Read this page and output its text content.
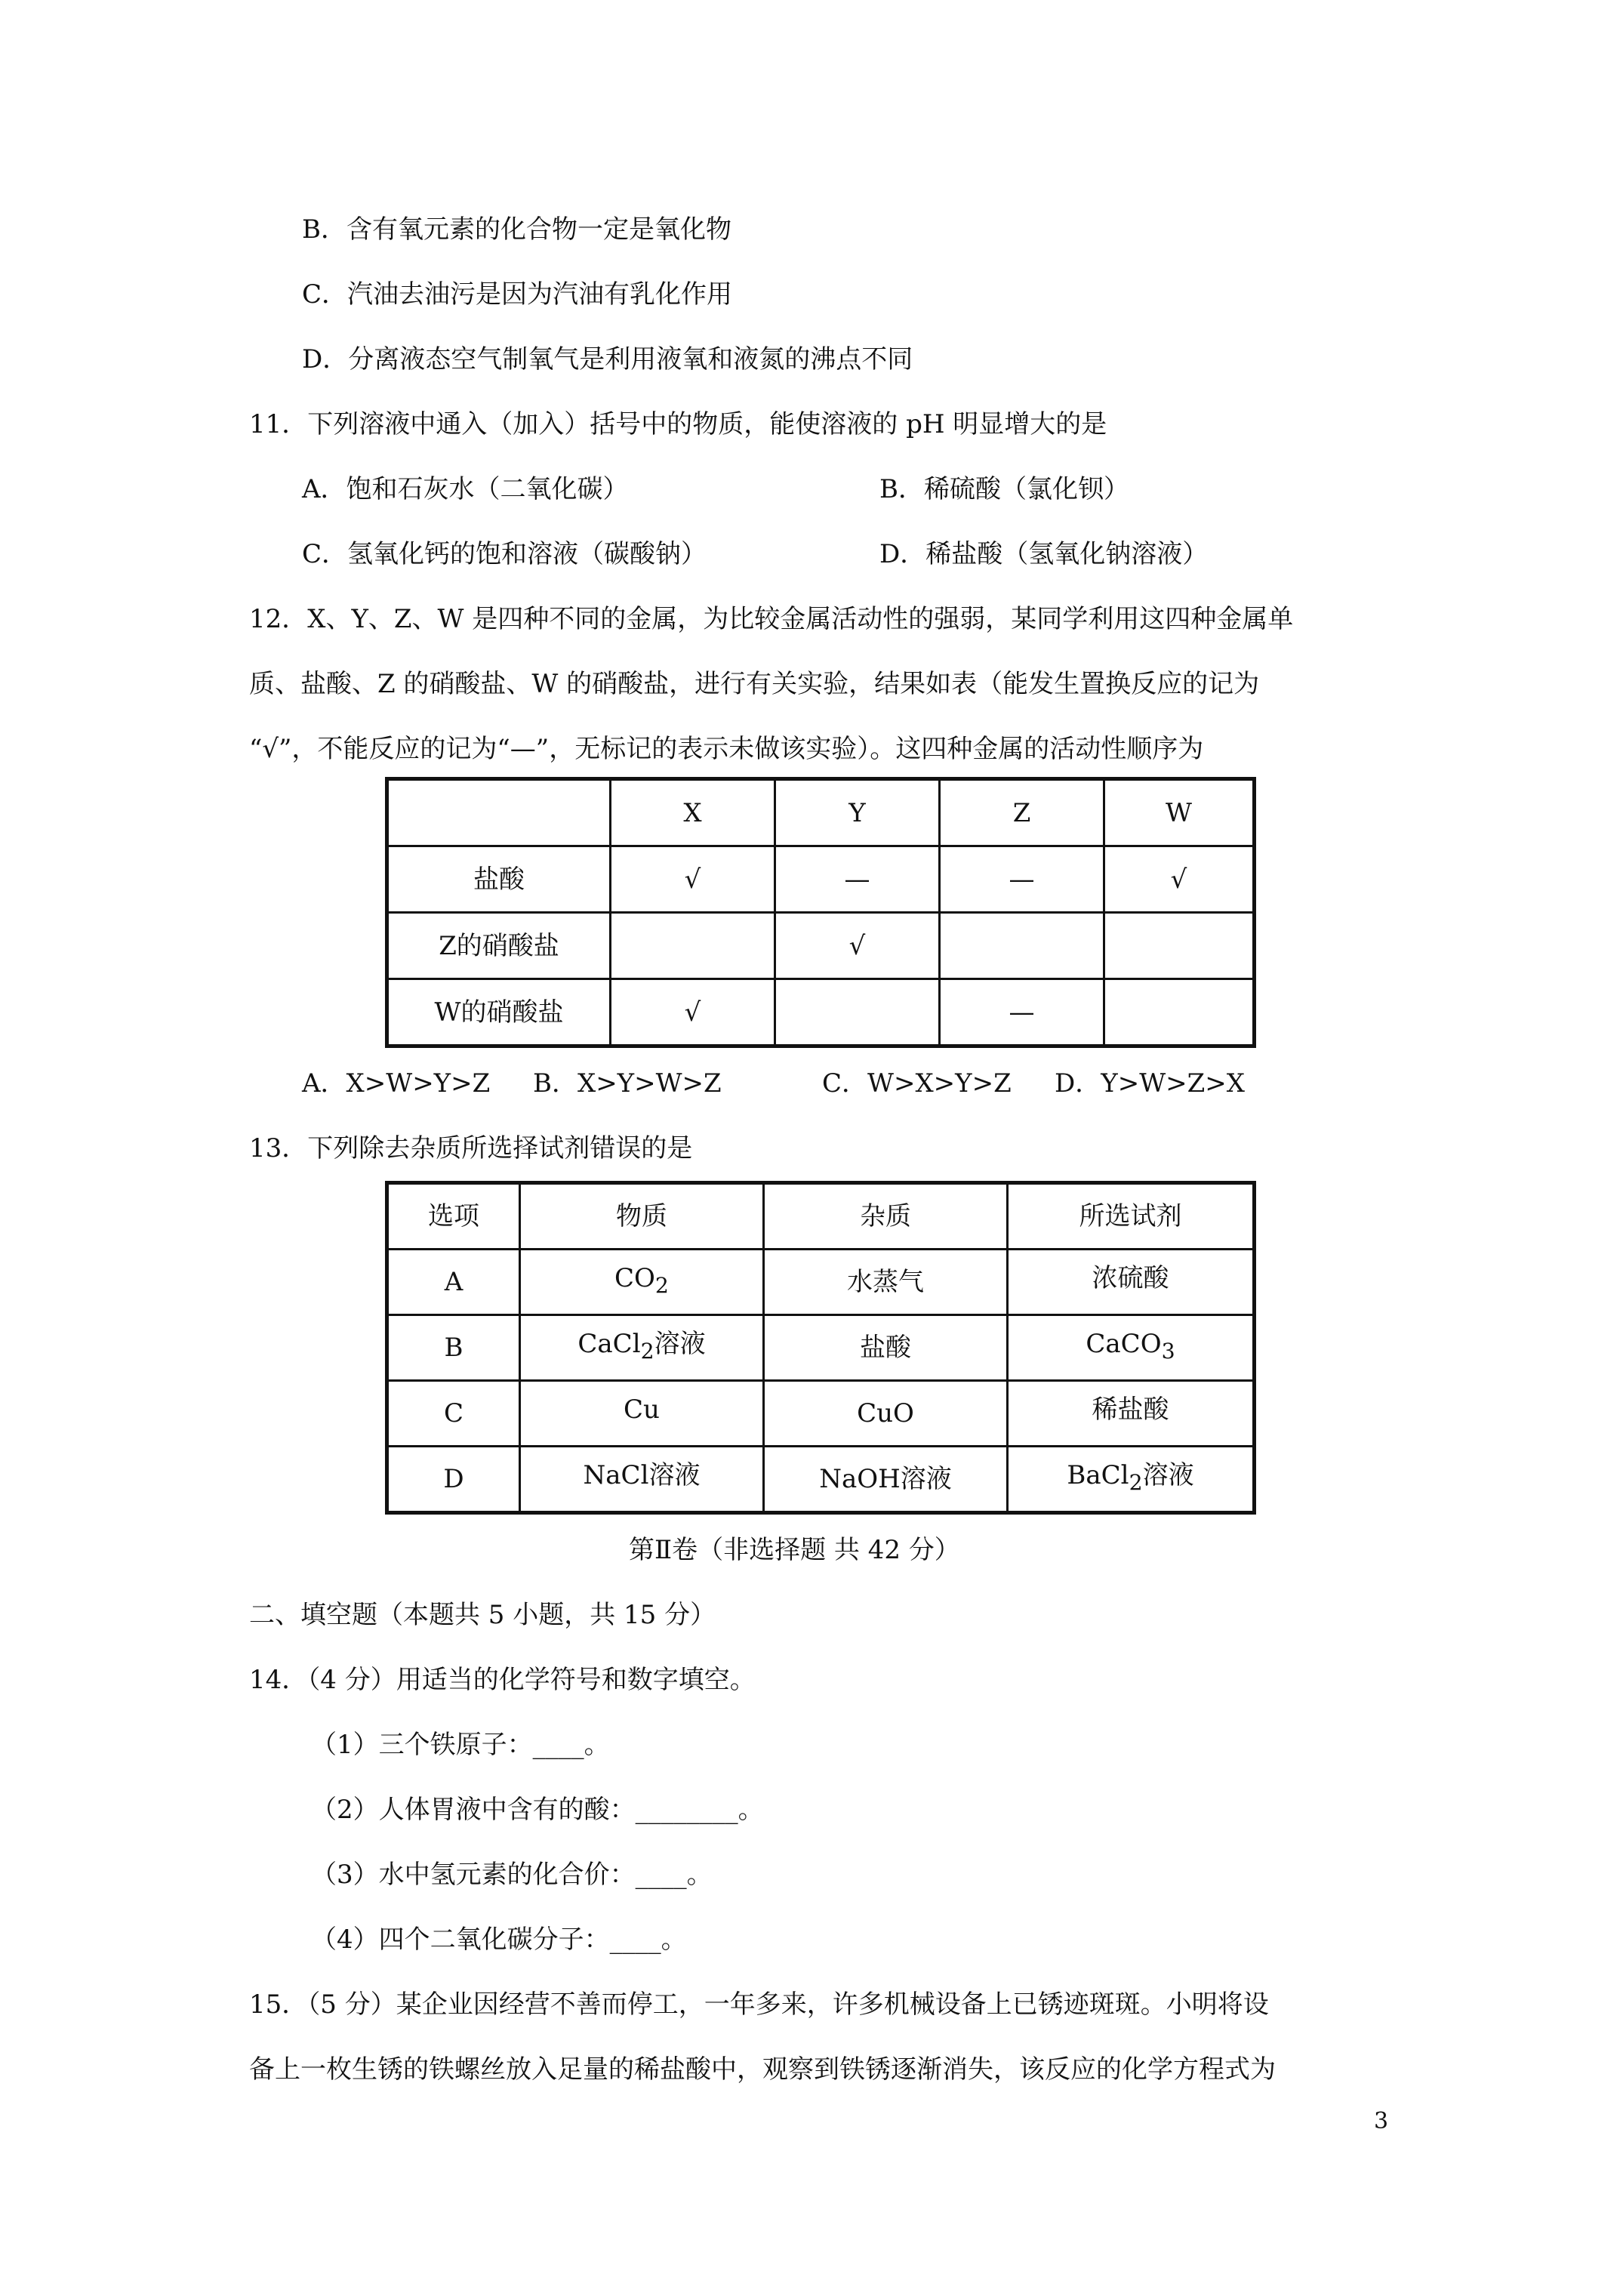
B．含有氧元素的化合物一定是氧化物
C．汽油去油污是因为汽油有乳化作用
D．分离液态空气制氧气是利用液氧和液氮的沸点不同
11．下列溶液中通入（加入）括号中的物质，能使溶液的 pH 明显增大的是
A．饱和石灰水（二氧化碳）	B．稀硫酸（氯化钡）
C．氢氧化钙的饱和溶液（碳酸钠）	D．稀盐酸（氢氧化钠溶液）
12．X、Y、Z、W 是四种不同的金属，为比较金属活动性的强弱，某同学利用这四种金属单
质、盐酸、Z 的硝酸盐、W 的硝酸盐，进行有关实验，结果如表（能发生置换反应的记为
“√”，不能反应的记为“—”，无标记的表示未做该实验）。这四种金属的活动性顺序为
	X	Y	Z	W
盐酸	√	—	—	√
Z的硝酸盐		√		
W的硝酸盐	√		—	
A．X>W>Y>Z B．X>Y>W>Z	C．W>X>Y>Z D．Y>W>Z>X
13．下列除去杂质所选择试剂错误的是
选项	物质	杂质	所选试剂
A	$CO_2$	水蒸气	浓硫酸
B	CaCl$_2$溶液	盐酸	CaCO$_3$
C	Cu	CuO	稀盐酸
D	NaCl溶液	NaOH溶液	BaCl$_2$溶液
第Ⅱ卷（非选择题 共 42 分）
二、填空题（本题共 5 小题，共 15 分）
14．（4 分）用适当的化学符号和数字填空。
（1）三个铁原子：____。
（2）人体胃液中含有的酸：________。
（3）水中氢元素的化合价：____。
（4）四个二氧化碳分子：____。
15．（5 分）某企业因经营不善而停工，一年多来，许多机械设备上已锈迹斑斑。小明将设
备上一枚生锈的铁螺丝放入足量的稀盐酸中，观察到铁锈逐渐消失，该反应的化学方程式为
3
